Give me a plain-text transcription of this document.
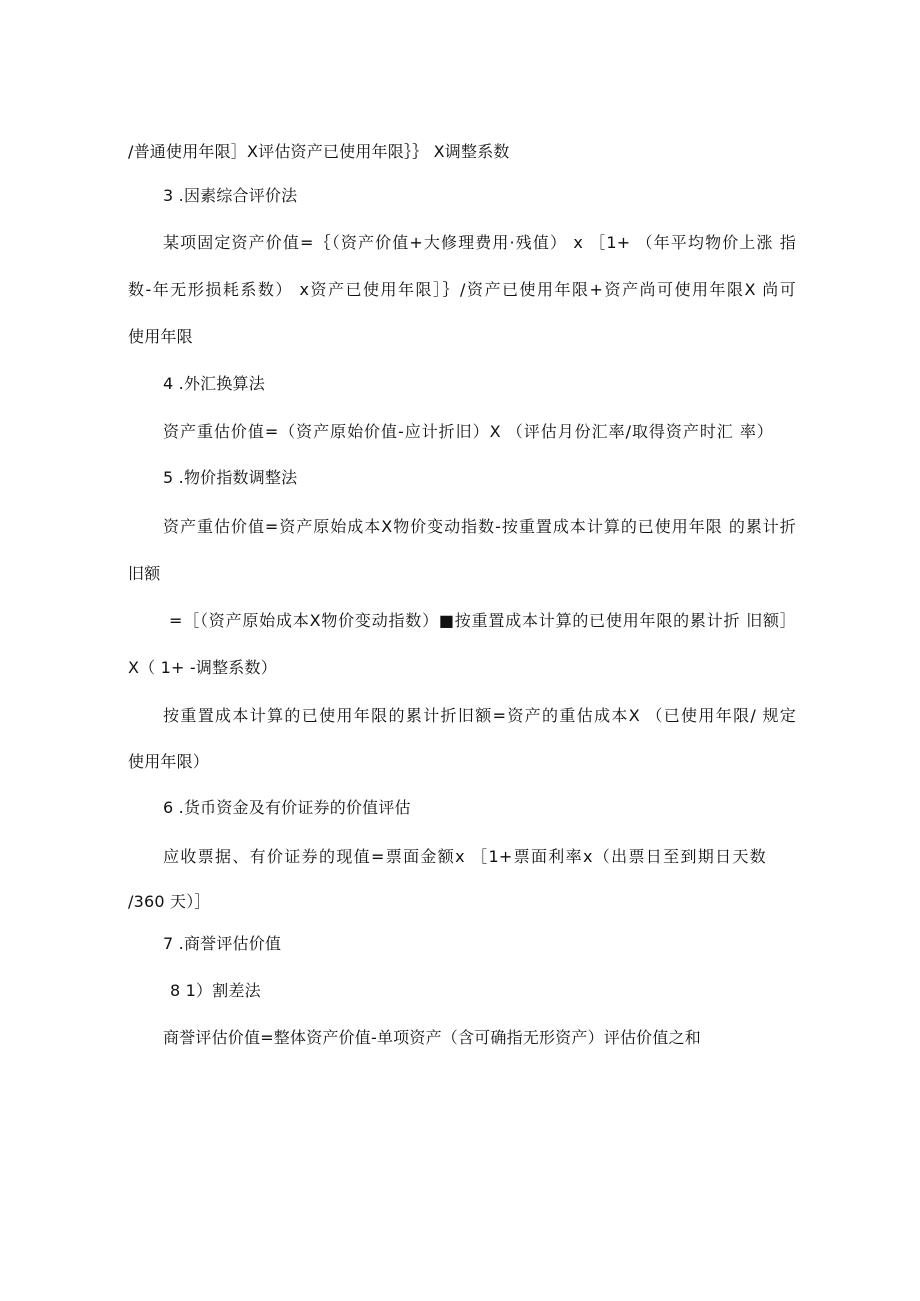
/普通使用年限］X评估资产已使用年限｝｝ X调整系数
3 .因素综合评价法
某项固定资产价值=｛（资产价值+大修理费用·残值） x ［1+ （年平均物价上涨 指
数-年无形损耗系数） x资产已使用年限］｝/资产已使用年限+资产尚可使用年限X 尚可
使用年限
4 .外汇换算法
资产重估价值=（资产原始价值-应计折旧）X （评估月份汇率/取得资产时汇 率）
5 .物价指数调整法
资产重估价值=资产原始成本X物价变动指数-按重置成本计算的已使用年限 的累计折
旧额
=［（资产原始成本X物价变动指数）■按重置成本计算的已使用年限的累计折 旧额］
X（ 1+ -调整系数）
按重置成本计算的已使用年限的累计折旧额=资产的重估成本X （已使用年限/ 规定
使用年限）
6 .货币资金及有价证券的价值评估
应收票据、有价证券的现值=票面金额x ［1+票面利率x（出票日至到期日天数
/360 天）］
7 .商誉评估价值
8 1）割差法
商誉评估价值=整体资产价值-单项资产（含可确指无形资产）评估价值之和
